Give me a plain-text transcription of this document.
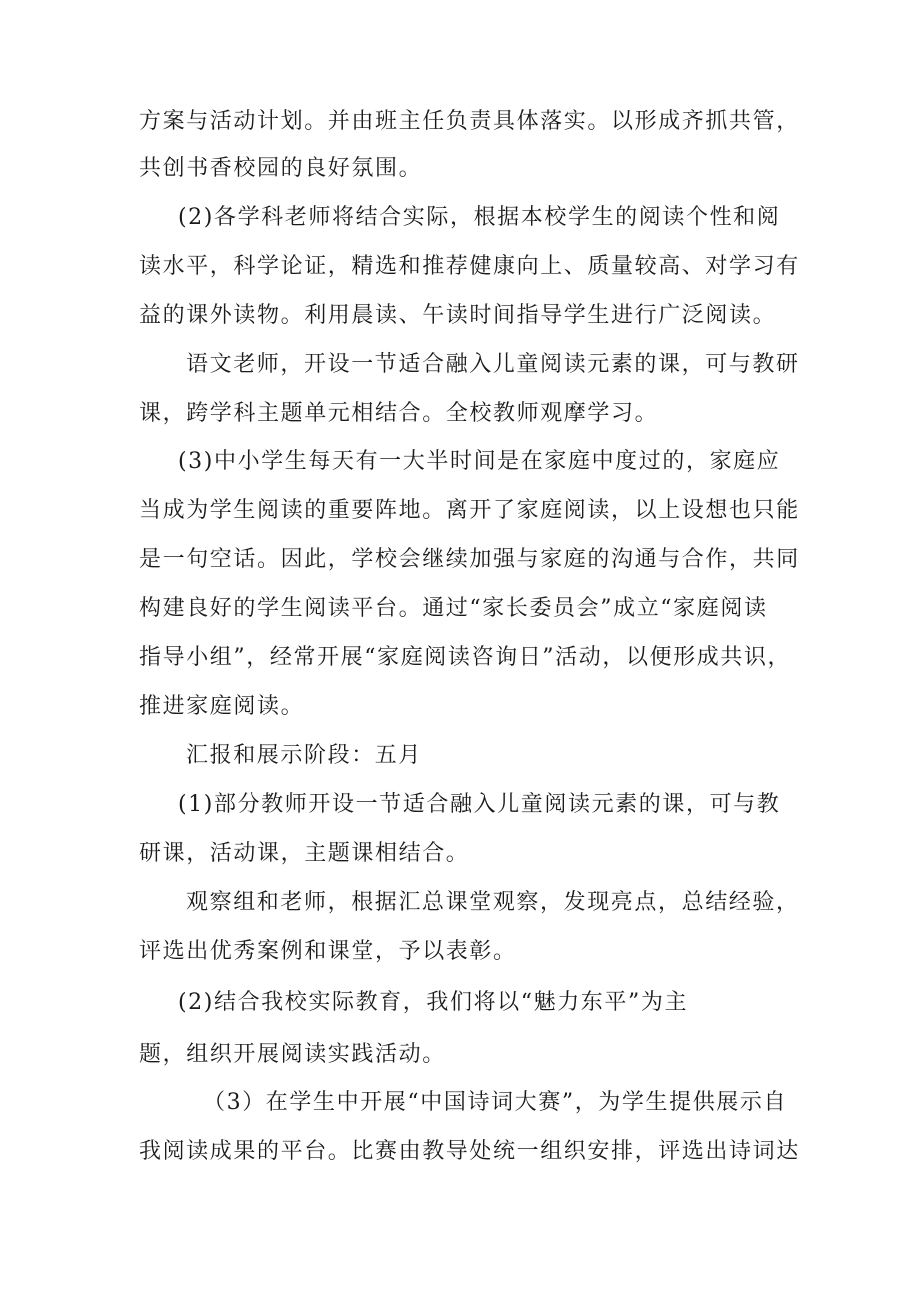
方案与活动计划。并由班主任负责具体落实。以形成齐抓共管，
共创书香校园的良好氛围。
(2)各学科老师将结合实际，根据本校学生的阅读个性和阅
读水平，科学论证，精选和推荐健康向上、质量较高、对学习有
益的课外读物。利用晨读、午读时间指导学生进行广泛阅读。
语文老师，开设一节适合融入儿童阅读元素的课，可与教研
课，跨学科主题单元相结合。全校教师观摩学习。
(3)中小学生每天有一大半时间是在家庭中度过的，家庭应
当成为学生阅读的重要阵地。离开了家庭阅读，以上设想也只能
是一句空话。因此，学校会继续加强与家庭的沟通与合作，共同
构建良好的学生阅读平台。通过“家长委员会”成立“家庭阅读
指导小组”，经常开展“家庭阅读咨询日”活动，以便形成共识，
推进家庭阅读。
汇报和展示阶段：五月
(1)部分教师开设一节适合融入儿童阅读元素的课，可与教
研课，活动课，主题课相结合。
观察组和老师，根据汇总课堂观察，发现亮点，总结经验，
评选出优秀案例和课堂，予以表彰。
(2)结合我校实际教育，我们将以“魅力东平”为主
题，组织开展阅读实践活动。
（3）在学生中开展“中国诗词大赛”，为学生提供展示自
我阅读成果的平台。比赛由教导处统一组织安排，评选出诗词达
